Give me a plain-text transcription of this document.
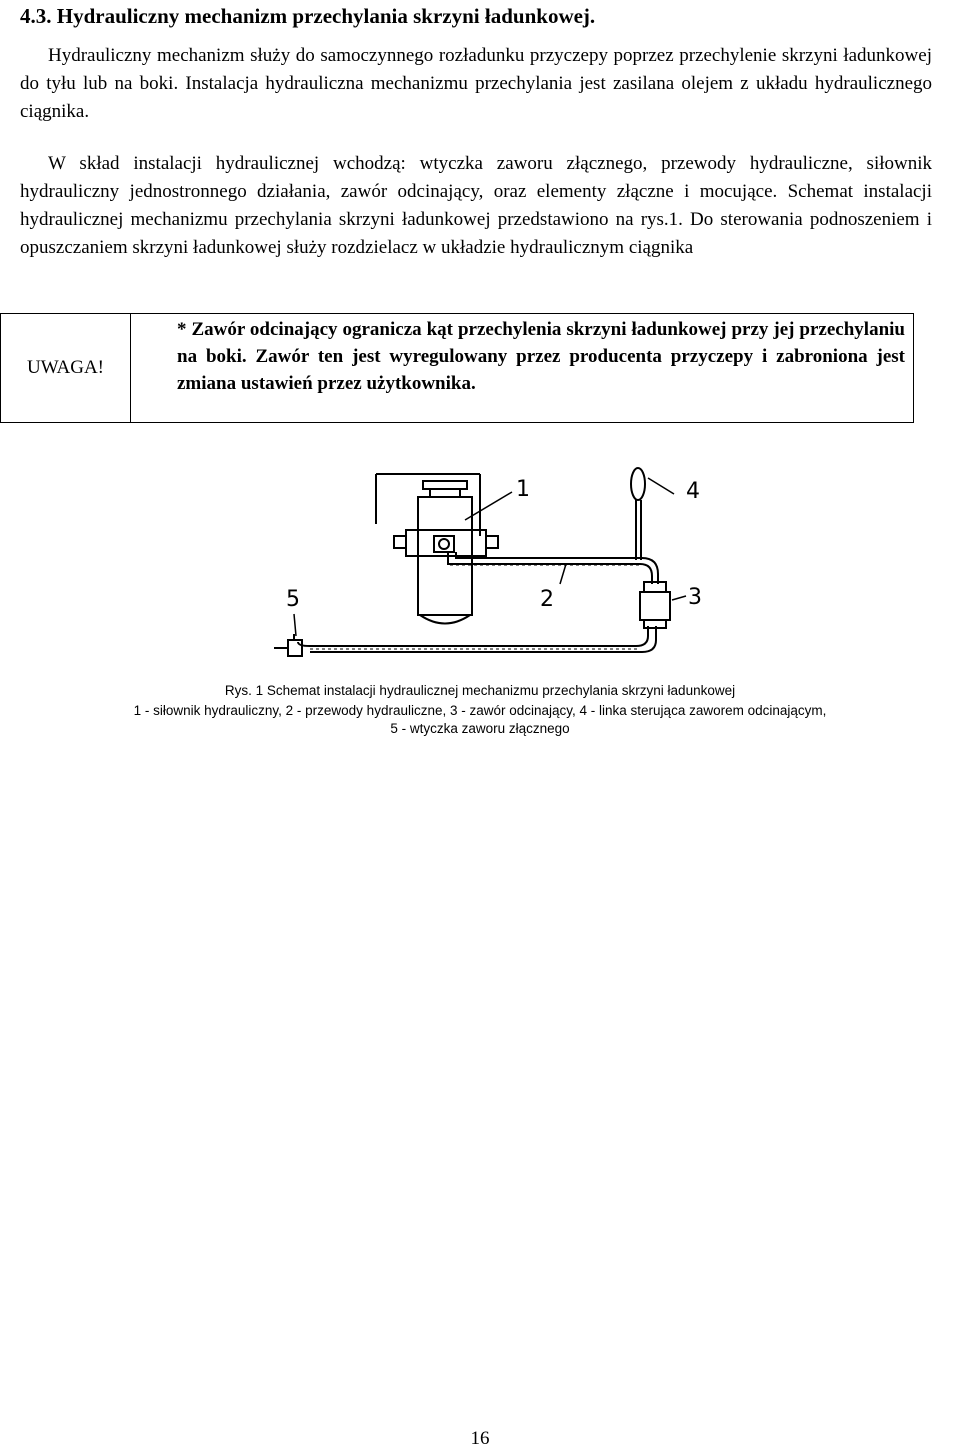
4.3. Hydrauliczny mechanizm przechylania skrzyni ładunkowej.

Hydrauliczny mechanizm służy do samoczynnego rozładunku przyczepy poprzez przechylenie skrzyni ładunkowej do tyłu lub na boki. Instalacja hydrauliczna mechanizmu przechylania jest zasilana olejem z układu hydraulicznego ciągnika.

W skład instalacji hydraulicznej wchodzą: wtyczka zaworu złącznego, przewody hydrauliczne, siłownik hydrauliczny jednostronnego działania, zawór odcinający, oraz elementy złączne i mocujące. Schemat instalacji hydraulicznej mechanizmu przechylania skrzyni ładunkowej przedstawiono na rys.1. Do sterowania podnoszeniem i opuszczaniem skrzyni ładunkowej służy rozdzielacz w układzie hydraulicznym ciągnika

UWAGA!
* Zawór odcinający ogranicza kąt przechylenia skrzyni ładunkowej przy jej przechylaniu na boki. Zawór ten jest wyregulowany przez producenta przyczepy i zabroniona jest zmiana ustawień przez użytkownika.
1
2	3
4
5
Rys. 1 Schemat instalacji hydraulicznej mechanizmu przechylania skrzyni ładunkowej
1 - siłownik hydrauliczny, 2 - przewody hydrauliczne, 3 - zawór odcinający, 4 - linka sterująca zaworem odcinającym,
5 - wtyczka zaworu złącznego
16
